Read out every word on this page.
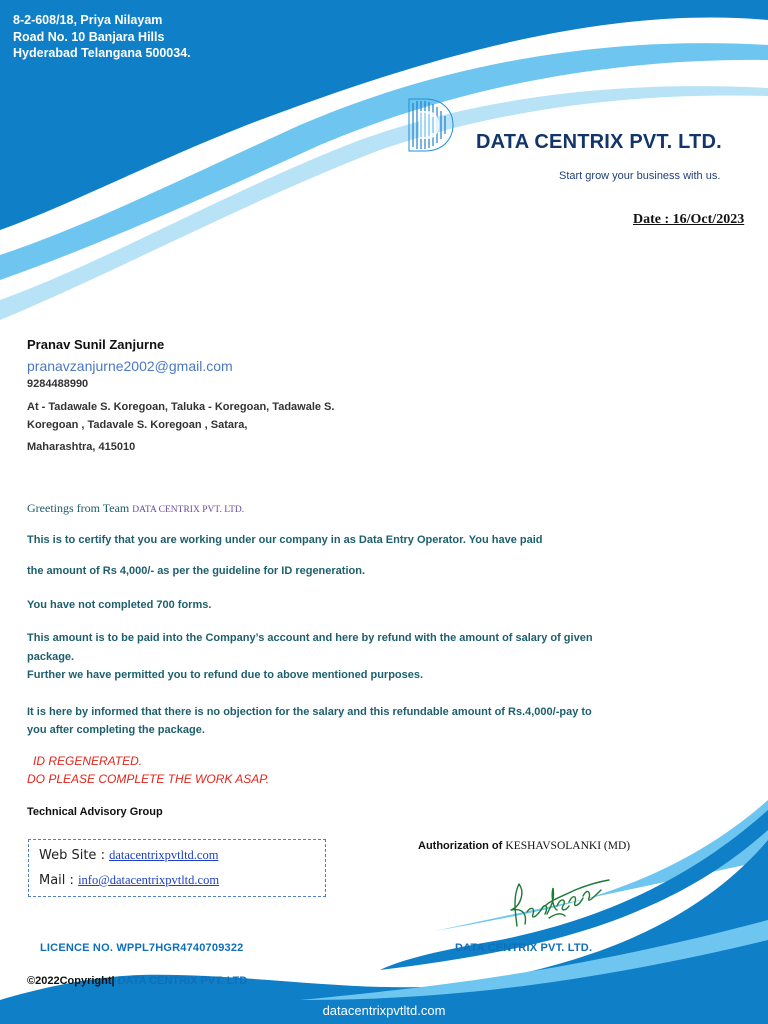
8-2-608/18, Priya Nilayam
Road No. 10 Banjara Hills
Hyderabad Telangana 500034.
DATA CENTRIX PVT. LTD.
Start grow your business with us.
Date : 16/Oct/2023
Pranav Sunil Zanjurne
pranavzanjurne2002@gmail.com
9284488990
At - Tadawale S. Koregoan, Taluka - Koregoan, Tadawale S.
Koregoan , Tadavale S. Koregoan , Satara,
Maharashtra, 415010
Greetings from Team DATA CENTRIX PVT. LTD.
This is to certify that you are working under our company in as Data Entry Operator. You have paid
the amount of Rs 4,000/- as per the guideline for ID regeneration.
You have not completed 700 forms.
This amount is to be paid into the Company’s account and here by refund with the amount of salary of given
package.
Further we have permitted you to refund due to above mentioned purposes.
It is here by informed that there is no objection for the salary and this refundable amount of Rs.4,000/-pay to
you after completing the package.
ID REGENERATED.
DO PLEASE COMPLETE THE WORK ASAP.
Technical Advisory Group
Web Site : datacentrixpvtltd.com
Mail : info@datacentrixpvtltd.com
Authorization of KESHAVSOLANKI (MD)
LICENCE NO. WPPL7HGR4740709322	DATA CENTRIX PVT. LTD.
©2022Copyright| DATA CENTRIX PVT. LTD
datacentrixpvtltd.com
